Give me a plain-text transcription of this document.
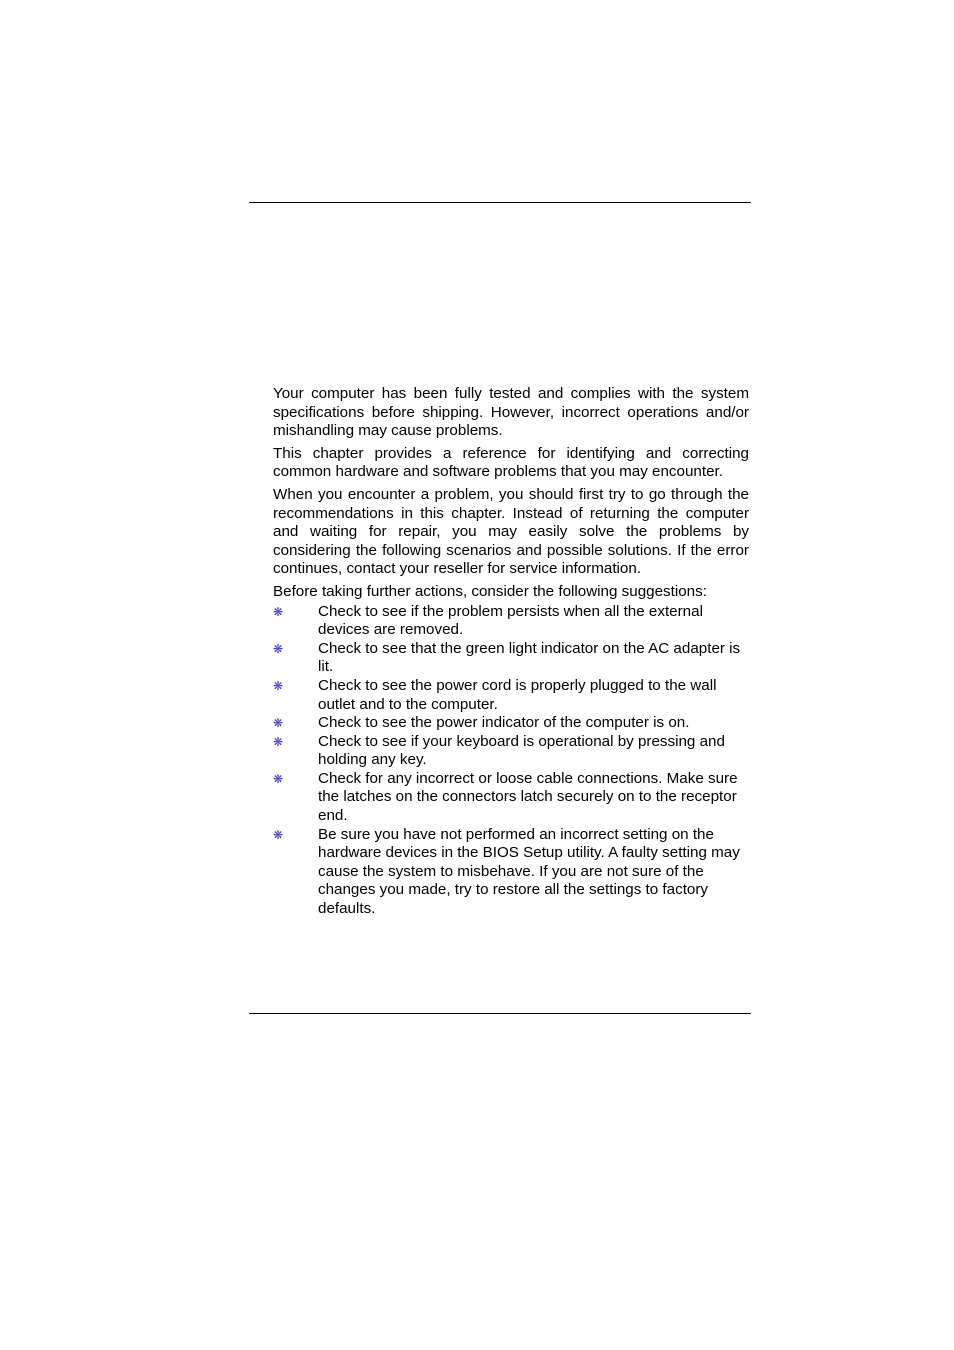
Your computer has been fully tested and complies with the system specifications before shipping. However, incorrect operations and/or mishandling may cause problems.

This chapter provides a reference for identifying and correcting common hardware and software problems that you may encounter.

When you encounter a problem, you should first try to go through the recommendations in this chapter. Instead of returning the computer and waiting for repair, you may easily solve the problems by considering the following scenarios and possible solutions. If the error continues, contact your reseller for service information.

Before taking further actions, consider the following suggestions:

❋ Check to see if the problem persists when all the external devices are removed.
❋ Check to see that the green light indicator on the AC adapter is lit.
❋ Check to see the power cord is properly plugged to the wall outlet and to the computer.
❋ Check to see the power indicator of the computer is on.
❋ Check to see if your keyboard is operational by pressing and holding any key.
❋ Check for any incorrect or loose cable connections. Make sure the latches on the connectors latch securely on to the receptor end.
❋ Be sure you have not performed an incorrect setting on the hardware devices in the BIOS Setup utility. A faulty setting may cause the system to misbehave. If you are not sure of the changes you made, try to restore all the settings to factory defaults.
